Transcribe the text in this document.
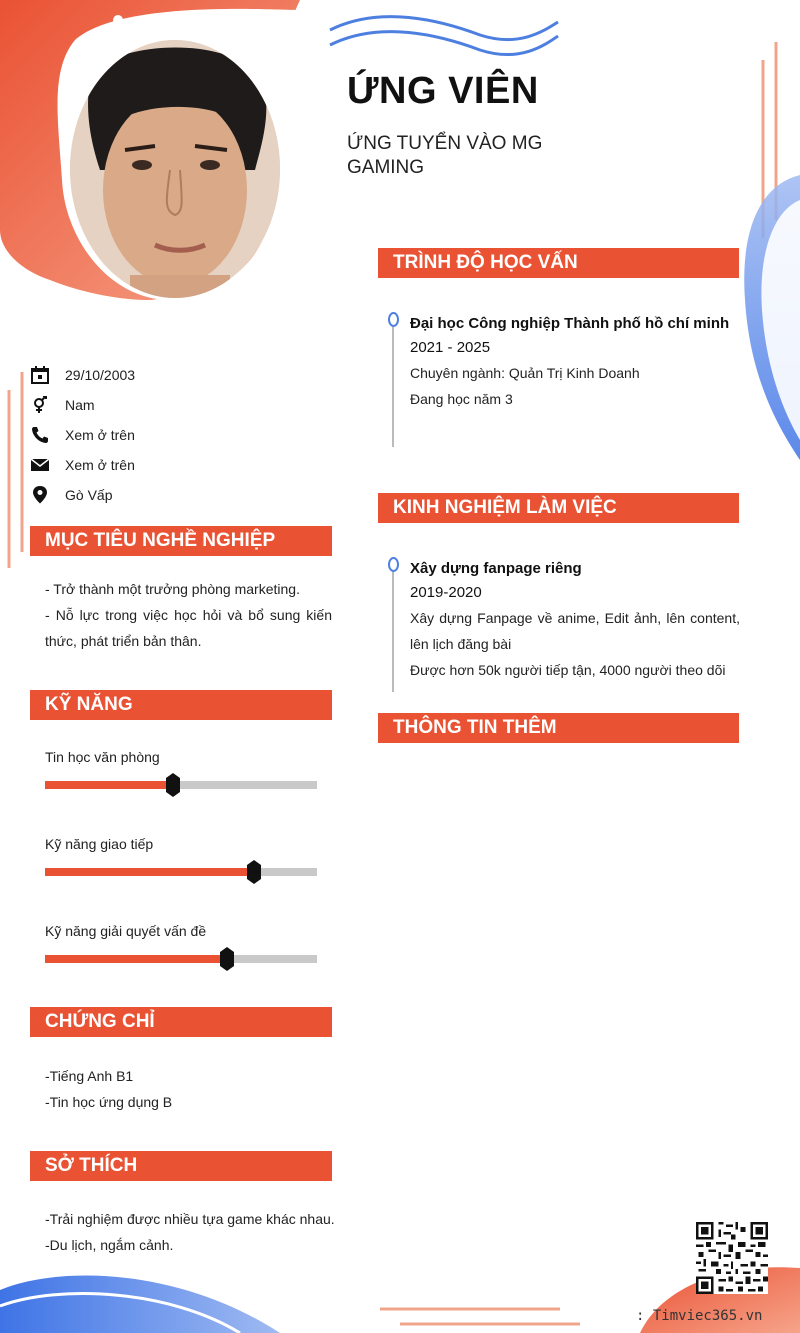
ỨNG VIÊN
ỨNG TUYỂN VÀO MG GAMING
29/10/2003
Nam
Xem ở trên
Xem ở trên
Gò Vấp
MỤC TIÊU NGHỀ NGHIỆP
- Trở thành một trưởng phòng marketing.
- Nỗ lực trong việc học hỏi và bổ sung kiến thức, phát triển bản thân.
KỸ NĂNG
Tin học văn phòng
Kỹ năng giao tiếp
Kỹ năng giải quyết vấn đề
CHỨNG CHỈ
-Tiếng Anh B1
-Tin học ứng dụng B
SỞ THÍCH
-Trải nghiệm được nhiều tựa game khác nhau.
-Du lịch, ngắm cảnh.
TRÌNH ĐỘ HỌC VẤN
Đại học Công nghiệp Thành phố hồ chí minh
2021 - 2025
Chuyên ngành: Quản Trị Kinh Doanh
Đang học năm 3
KINH NGHIỆM LÀM VIỆC
Xây dựng fanpage riêng
2019-2020
Xây dựng Fanpage về anime, Edit ảnh, lên content, lên lịch đăng bài
Được hơn 50k người tiếp tận, 4000 người theo dõi
THÔNG TIN THÊM
: Timviec365.vn
